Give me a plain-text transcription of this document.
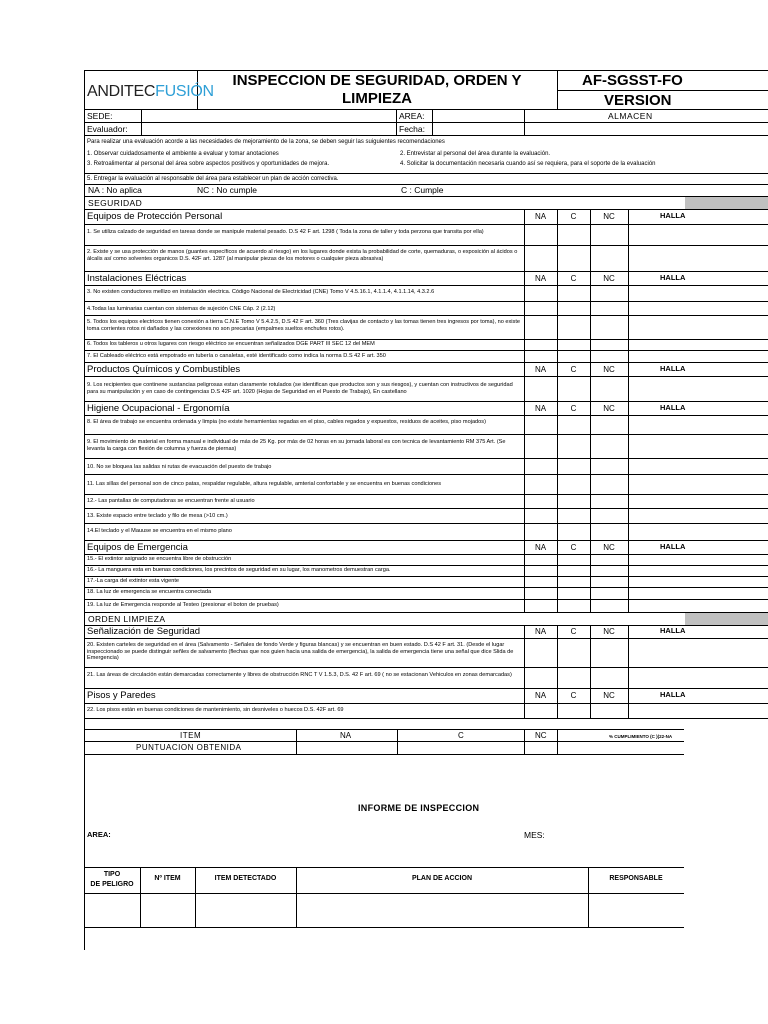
ANDITECFUSIÓN
INSPECCION DE SEGURIDAD, ORDEN Y
LIMPIEZA
AF-SGSST-FO
VERSION
SEDE:	AREA:	ALMACEN
Evaluador:	Fecha:
Para realizar una evaluación acorde a las necesidades de mejoramiento de la zona, se deben seguir las suiguientes recomendaciones
1. Observar cuidadosamente el ambiente a evaluar y tomar anotaciones	2. Entrevistar al personal del área durante la evaluación.
3. Retroalimentar al personal del área sobre aspectos positivos y oportunidades de mejora.	4. Solicitar la documentación necesaria cuando así se requiera, para el soporte de la evaluación
5. Entregar la evaluación al responsable del área para establecer un plan de acción correctiva.
NA : No aplica	NC : No cumple	C : Cumple
SEGURIDAD
Equipos de Protección Personal	NA	C	NC	HALLA
1. Se utiliza calzado de seguridad en tareas donde se manipule material pesado. D.S 42 F art. 1298 ( Toda la zona de taller y toda perzona que transita por ella)
2. Existe y se usa protección de manos (guantes específicos de acuerdo al riesgo) en los lugares donde exista la probabilidad de corte, quemaduras, o exposición al ácidos o álcalis así como solventes organicos D.S. 42F art. 1287 (al manipular piezas de los motores o cualquier pieza abrasiva)
Instalaciones Eléctricas	NA	C	NC	HALLA
3. No existen conductores mellizo en instalación electrica. Código Nacional de Electricidad (CNE) Tomo V 4.5.16.1, 4.1.1.4, 4.1.1.14, 4.3.2.6
4.Todas las luminarias cuentan con sistemas de sujeción CNE Cáp. 2 (2.12)
5. Todos los equipos electricos tienen conexión a tierra C.N.E Tomo V 5.4.2.5, D.S 42 F art. 360 (Tres clavijas de contacto y las tomas tienen tres ingresos por toma), no existe toma corrientes rotos ni dañados y las conexiones no son precarias (empalmes sueltos enchufes rotos).
6. Todos los tableros u otros lugares con riesgo eléctrico se encuentran señalizados DGE PART III SEC 12 del MEM
7. El Cableado eléctrico está empotrado en tubería o canaletas, esté identificado como indica la norma D.S 42 F art. 350
Productos Químicos y Combustibles	NA	C	NC	HALLA
9. Los recipientes que continene sustancias peligrosas estan claramente rotulados (se identifican que productos son y sus riesgos), y cuentan con instructivos de seguridad para su manipulación y en caso de contingencias D.S 42F art. 1020 (Hojas de Seguridad en el Puesto de Trabajo), En castellano
Higiene Ocupacional - Ergonomía	NA	C	NC	HALLA
8. El área de trabajo se encuentra ordenada y limpia (no existe herramientas regadas en el piso, cables regados y expuestos, residuos de aceites, piso mojados)
9. El movimiento de material en forma manual e individual de más de 25 Kg. por más de 02 horas en su jornada laboral es con tecnica de levantamiento RM 375 Art. (Se levanta la carga con flexión de columna y fuerza de piernas)
10. No se bloquea las salidas ni rutas de evacuación del puesto de trabajo
11. Las sillas del personal son de cinco patas, respaldar regulable, altura regulable, amterial confortable y se encuentra en buenas condiciones
12.- Las pantallas de computadoras se encuentran frente al usuario
13. Existe espacio entre teclado y filo de mesa (>10 cm.)
14.El teclado y el Mauuse se encuentra en el mismo plano
Equipos de Emergencia	NA	C	NC	HALLA
15.- El extintor asignado se encuentra libre de obstrucción
16.- La manguera esta en buenas condiciones, los precintos de seguridad en su lugar, los manometros demuestran carga.
17.-La carga del extintor esta vigente
18. La luz de emergencia se encuentra conectada
19. La luz de Emergencia responde al Testeo (presionar el boton de pruebas)
ORDEN LIMPIEZA
Señalización de Seguridad	NA	C	NC	HALLA
20. Existen carteles de seguridad en el área (Salvamento - Señales de fondo Verde y figuras blancas) y se encuentran en buen estado. D.S 42 F art. 31. (Desde el lugar inspeccionado se puede distinguir señles de salvamento (flechas que nos guien hacia una salida de emergencia), la salida de emergencia tiene una señal que dice Slida de Emergencia)
21. Las áreas de circulación están demarcadas correctamente y libres de obstrucción RNC T V 1.5.3, D.S. 42 F art. 69 ( no se estacionan Vehiculos en zonas demarcadas)
Pisos y Paredes	NA	C	NC	HALLA
22. Los pisos están en buenas condiciones de mantenimiento, sin desniveles o huecos D.S. 42F art. 69
ITEM	NA	C	NC	% CUMPLIMIENTO (C )(22-NA
PUNTUACION OBTENIDA
INFORME DE INSPECCION
AREA:	MES:
TIPO
DE PELIGRO
Nº ITEM	ITEM DETECTADO	PLAN DE ACCION	RESPONSABLE
